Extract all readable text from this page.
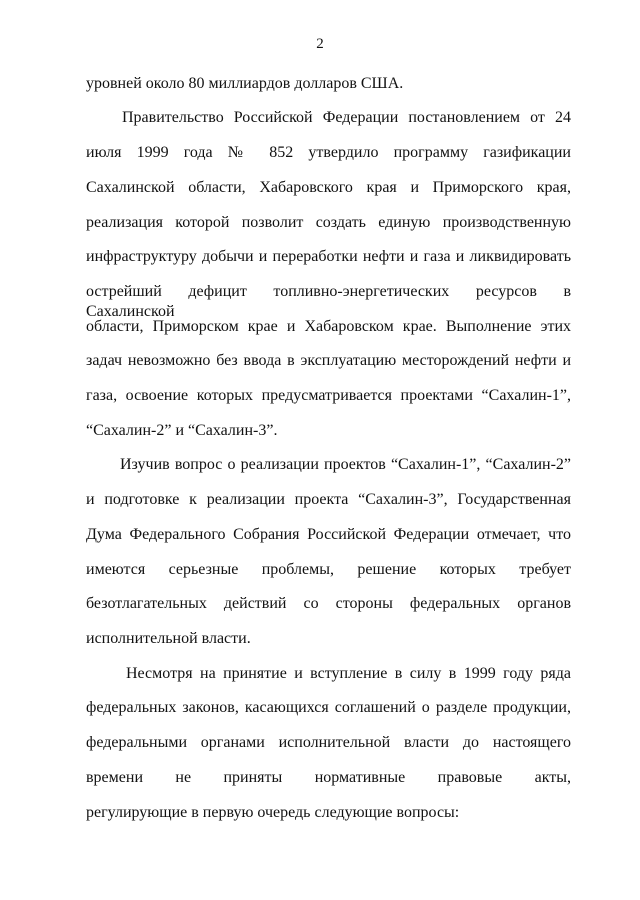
2
уровней около 80 миллиардов долларов США.
Правительство Российской Федерации постановлением от 24
июля 1999 года № 852 утвердило программу газификации
Сахалинской области, Хабаровского края и Приморского края,
реализация которой позволит создать единую производственную
инфраструктуру добычи и переработки нефти и газа и ликвидировать
острейший дефицит топливно-энергетических ресурсов в Сахалинской
области, Приморском крае и Хабаровском крае. Выполнение этих
задач невозможно без ввода в эксплуатацию месторождений нефти и
газа, освоение которых предусматривается проектами “Сахалин-1”,
“Сахалин-2” и “Сахалин-3”.
Изучив вопрос о реализации проектов “Сахалин-1”, “Сахалин-2”
и подготовке к реализации проекта “Сахалин-3”, Государственная
Дума Федерального Собрания Российской Федерации отмечает, что
имеются серьезные проблемы, решение которых требует
безотлагательных действий со стороны федеральных органов
исполнительной власти.
Несмотря на принятие и вступление в силу в 1999 году ряда
федеральных законов, касающихся соглашений о разделе продукции,
федеральными органами исполнительной власти до настоящего
времени не приняты нормативные правовые акты,
регулирующие в первую очередь следующие вопросы:
